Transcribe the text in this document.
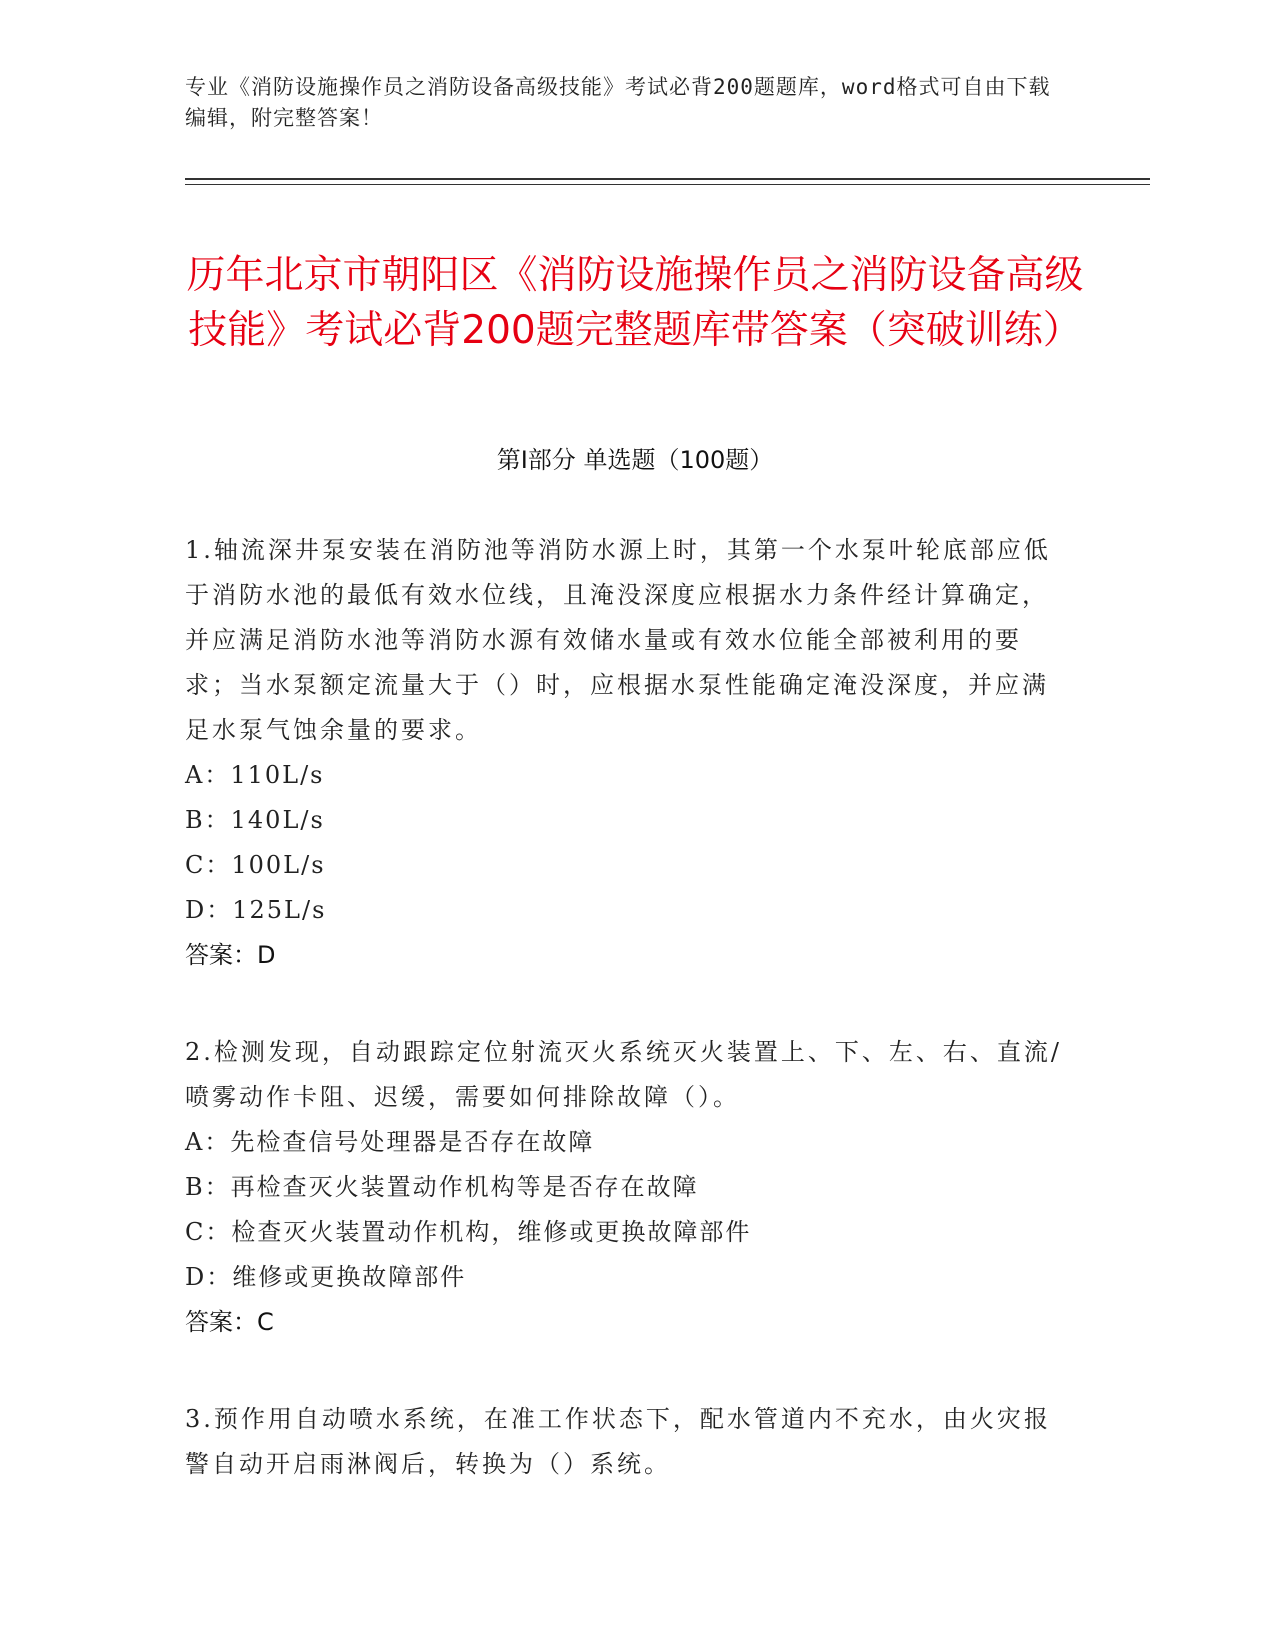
专业《消防设施操作员之消防设备高级技能》考试必背200题题库，word格式可自由下载编辑，附完整答案！
历年北京市朝阳区《消防设施操作员之消防设备高级技能》考试必背200题完整题库带答案（突破训练）
第Ⅰ部分 单选题（100题）

1.轴流深井泵安装在消防池等消防水源上时，其第一个水泵叶轮底部应低于消防水池的最低有效水位线，且淹没深度应根据水力条件经计算确定，并应满足消防水池等消防水源有效储水量或有效水位能全部被利用的要求；当水泵额定流量大于（）时，应根据水泵性能确定淹没深度，并应满足水泵气蚀余量的要求。

A：110L/s

B：140L/s

C：100L/s

D：125L/s

答案：D

2.检测发现，自动跟踪定位射流灭火系统灭火装置上、下、左、右、直流/喷雾动作卡阻、迟缓，需要如何排除故障（）。

A：先检查信号处理器是否存在故障

B：再检查灭火装置动作机构等是否存在故障

C：检查灭火装置动作机构，维修或更换故障部件

D：维修或更换故障部件

答案：C

3.预作用自动喷水系统，在准工作状态下，配水管道内不充水，由火灾报警自动开启雨淋阀后，转换为（）系统。
